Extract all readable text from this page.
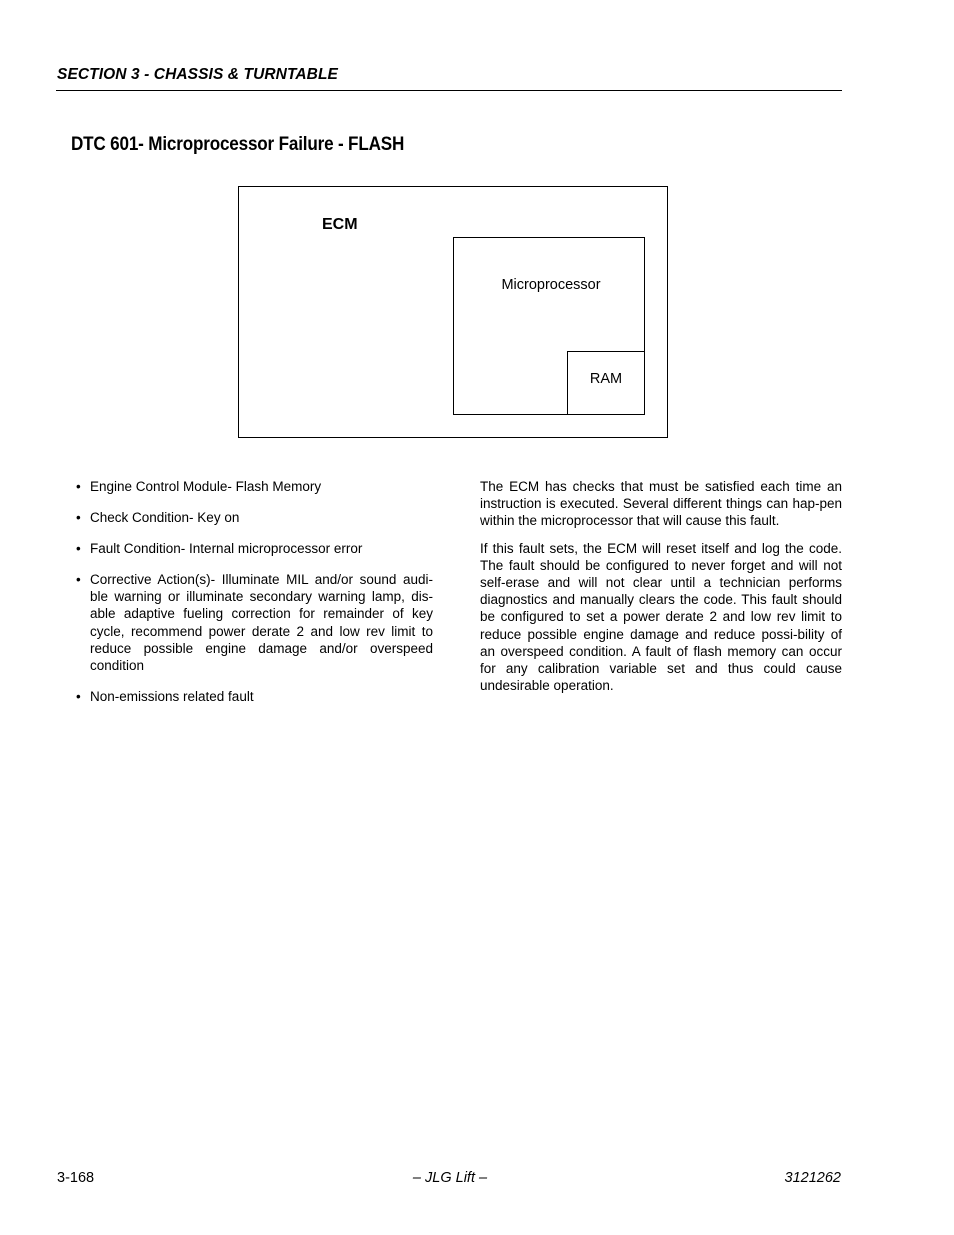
SECTION 3 - CHASSIS & TURNTABLE
DTC 601- Microprocessor Failure - FLASH
ECM
Microprocessor
RAM
• Engine Control Module- Flash Memory
• Check Condition- Key on
• Fault Condition- Internal microprocessor error
• Corrective Action(s)- Illuminate MIL and/or sound audi-ble warning or illuminate secondary warning lamp, dis-able adaptive fueling correction for remainder of key cycle, recommend power derate 2 and low rev limit to reduce possible engine damage and/or overspeed condition
• Non-emissions related fault

The ECM has checks that must be satisfied each time an instruction is executed. Several different things can hap-pen within the microprocessor that will cause this fault.

If this fault sets, the ECM will reset itself and log the code. The fault should be configured to never forget and will not self-erase and will not clear until a technician performs diagnostics and manually clears the code. This fault should be configured to set a power derate 2 and low rev limit to reduce possible engine damage and reduce possi-bility of an overspeed condition. A fault of flash memory can occur for any calibration variable set and thus could cause undesirable operation.

3-168	– JLG Lift –	3121262
